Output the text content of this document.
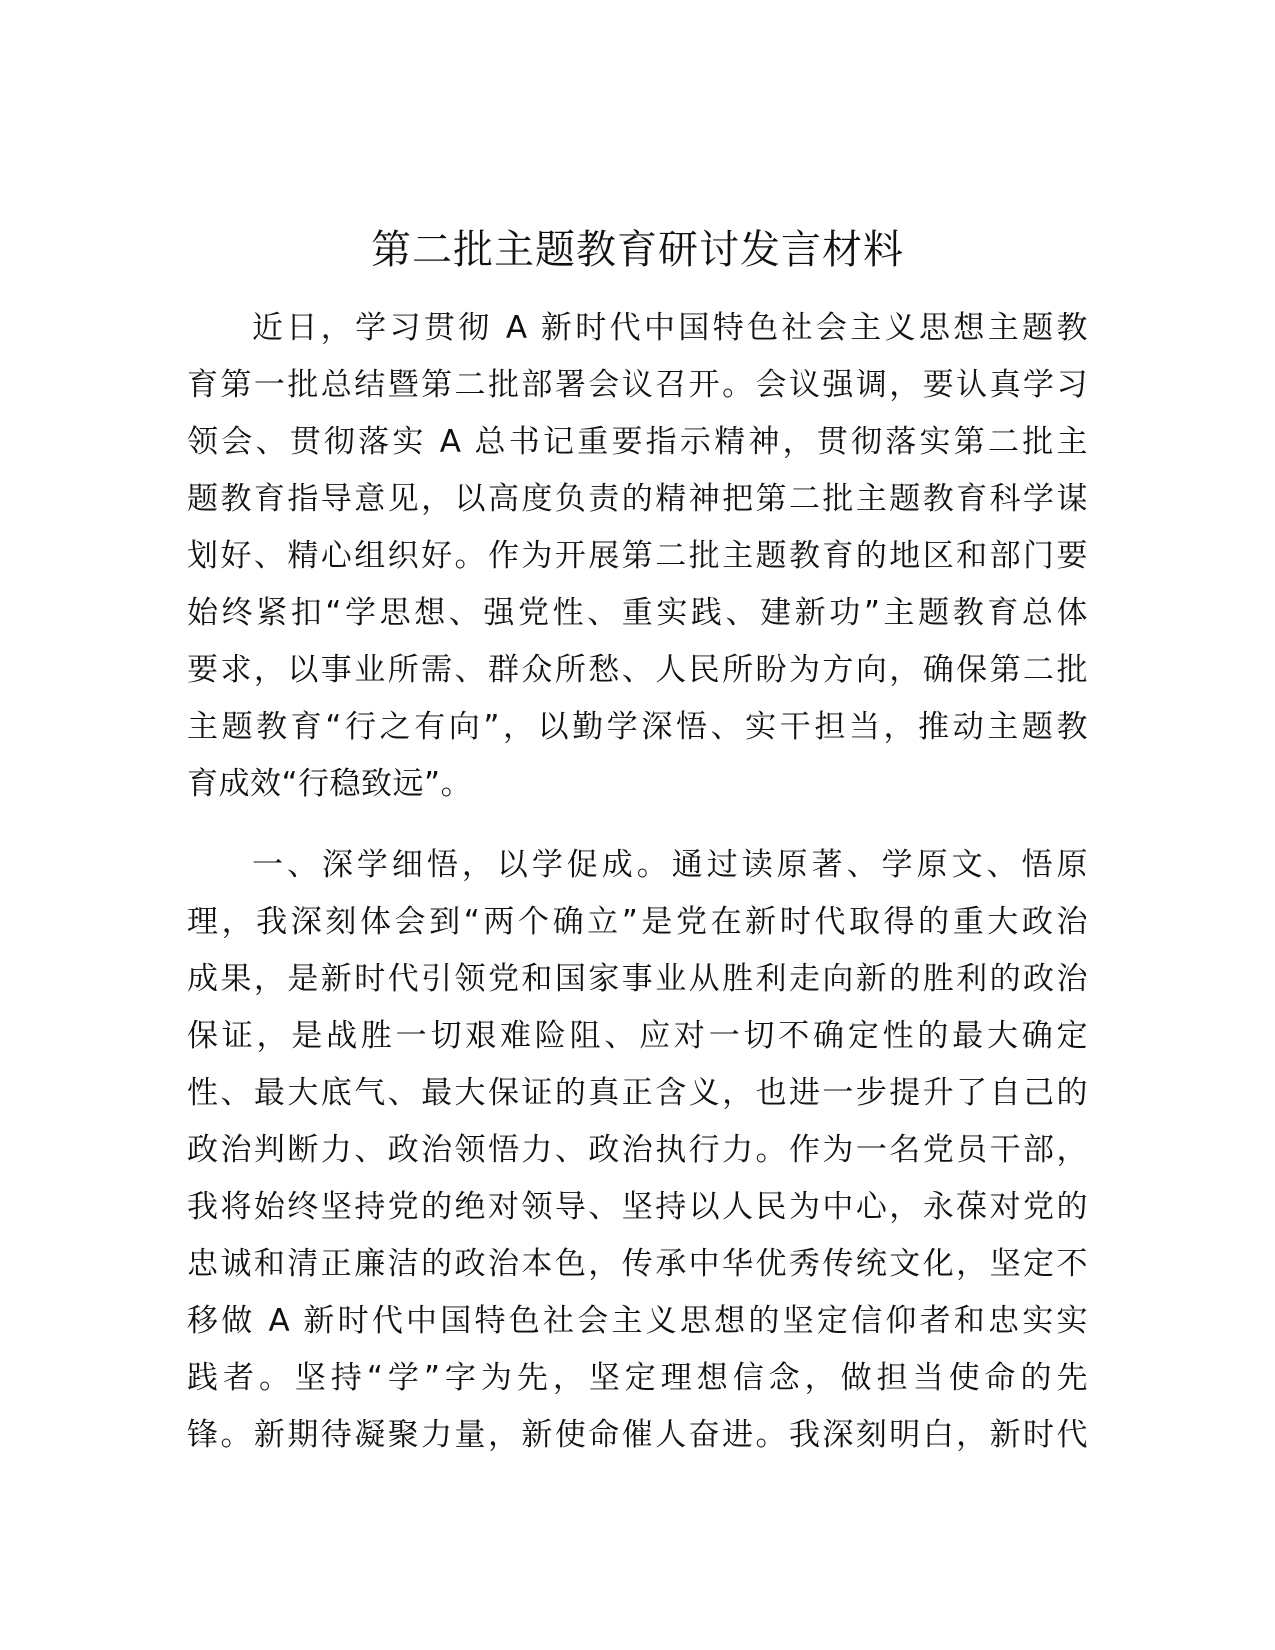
第二批主题教育研讨发言材料

近日，学习贯彻 A 新时代中国特色社会主义思想主题教

育第一批总结暨第二批部署会议召开。会议强调，要认真学习

领会、贯彻落实 A 总书记重要指示精神，贯彻落实第二批主

题教育指导意见，以高度负责的精神把第二批主题教育科学谋

划好、精心组织好。作为开展第二批主题教育的地区和部门要

始终紧扣“学思想、强党性、重实践、建新功”主题教育总体

要求，以事业所需、群众所愁、人民所盼为方向，确保第二批

主题教育“行之有向”，以勤学深悟、实干担当，推动主题教

育成效“行稳致远”。

一、深学细悟，以学促成。通过读原著、学原文、悟原

理，我深刻体会到“两个确立”是党在新时代取得的重大政治

成果，是新时代引领党和国家事业从胜利走向新的胜利的政治

保证，是战胜一切艰难险阻、应对一切不确定性的最大确定

性、最大底气、最大保证的真正含义，也进一步提升了自己的

政治判断力、政治领悟力、政治执行力。作为一名党员干部，

我将始终坚持党的绝对领导、坚持以人民为中心，永葆对党的

忠诚和清正廉洁的政治本色，传承中华优秀传统文化，坚定不

移做 A 新时代中国特色社会主义思想的坚定信仰者和忠实实

践者。坚持“学”字为先，坚定理想信念，做担当使命的先

锋。新期待凝聚力量，新使命催人奋进。我深刻明白，新时代
